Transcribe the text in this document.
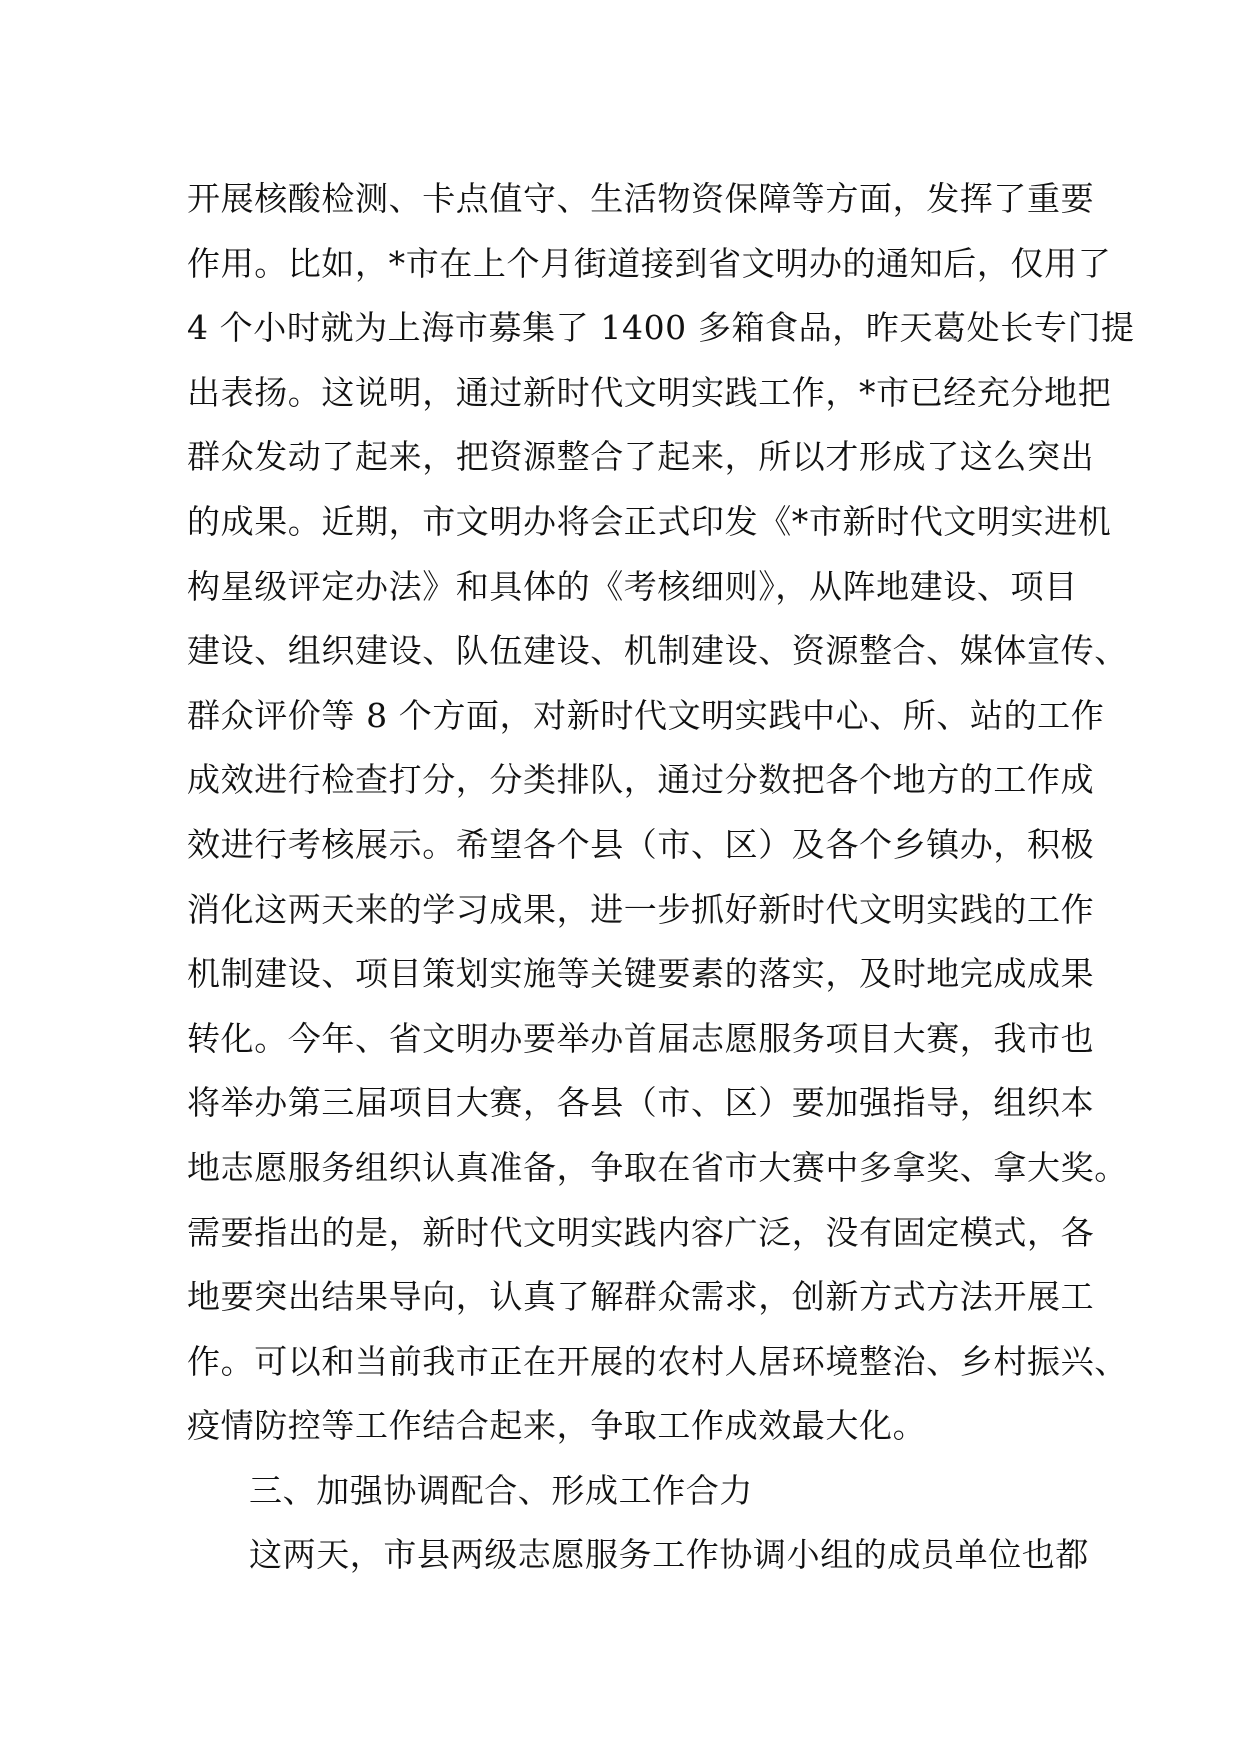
开展核酸检测、卡点值守、生活物资保障等方面，发挥了重要
作用。比如，*市在上个月街道接到省文明办的通知后，仅用了
4 个小时就为上海市募集了 1400 多箱食品，昨天葛处长专门提
出表扬。这说明，通过新时代文明实践工作，*市已经充分地把
群众发动了起来，把资源整合了起来，所以才形成了这么突出
的成果。近期，市文明办将会正式印发《*市新时代文明实进机
构星级评定办法》和具体的《考核细则》，从阵地建设、项目
建设、组织建设、队伍建设、机制建设、资源整合、媒体宣传、
群众评价等 8 个方面，对新时代文明实践中心、所、站的工作
成效进行检查打分，分类排队，通过分数把各个地方的工作成
效进行考核展示。希望各个县（市、区）及各个乡镇办，积极
消化这两天来的学习成果，进一步抓好新时代文明实践的工作
机制建设、项目策划实施等关键要素的落实，及时地完成成果
转化。今年、省文明办要举办首届志愿服务项目大赛，我市也
将举办第三届项目大赛，各县（市、区）要加强指导，组织本
地志愿服务组织认真准备，争取在省市大赛中多拿奖、拿大奖。
需要指出的是，新时代文明实践内容广泛，没有固定模式，各
地要突出结果导向，认真了解群众需求，创新方式方法开展工
作。可以和当前我市正在开展的农村人居环境整治、乡村振兴、
疫情防控等工作结合起来，争取工作成效最大化。
三、加强协调配合、形成工作合力
这两天，市县两级志愿服务工作协调小组的成员单位也都
